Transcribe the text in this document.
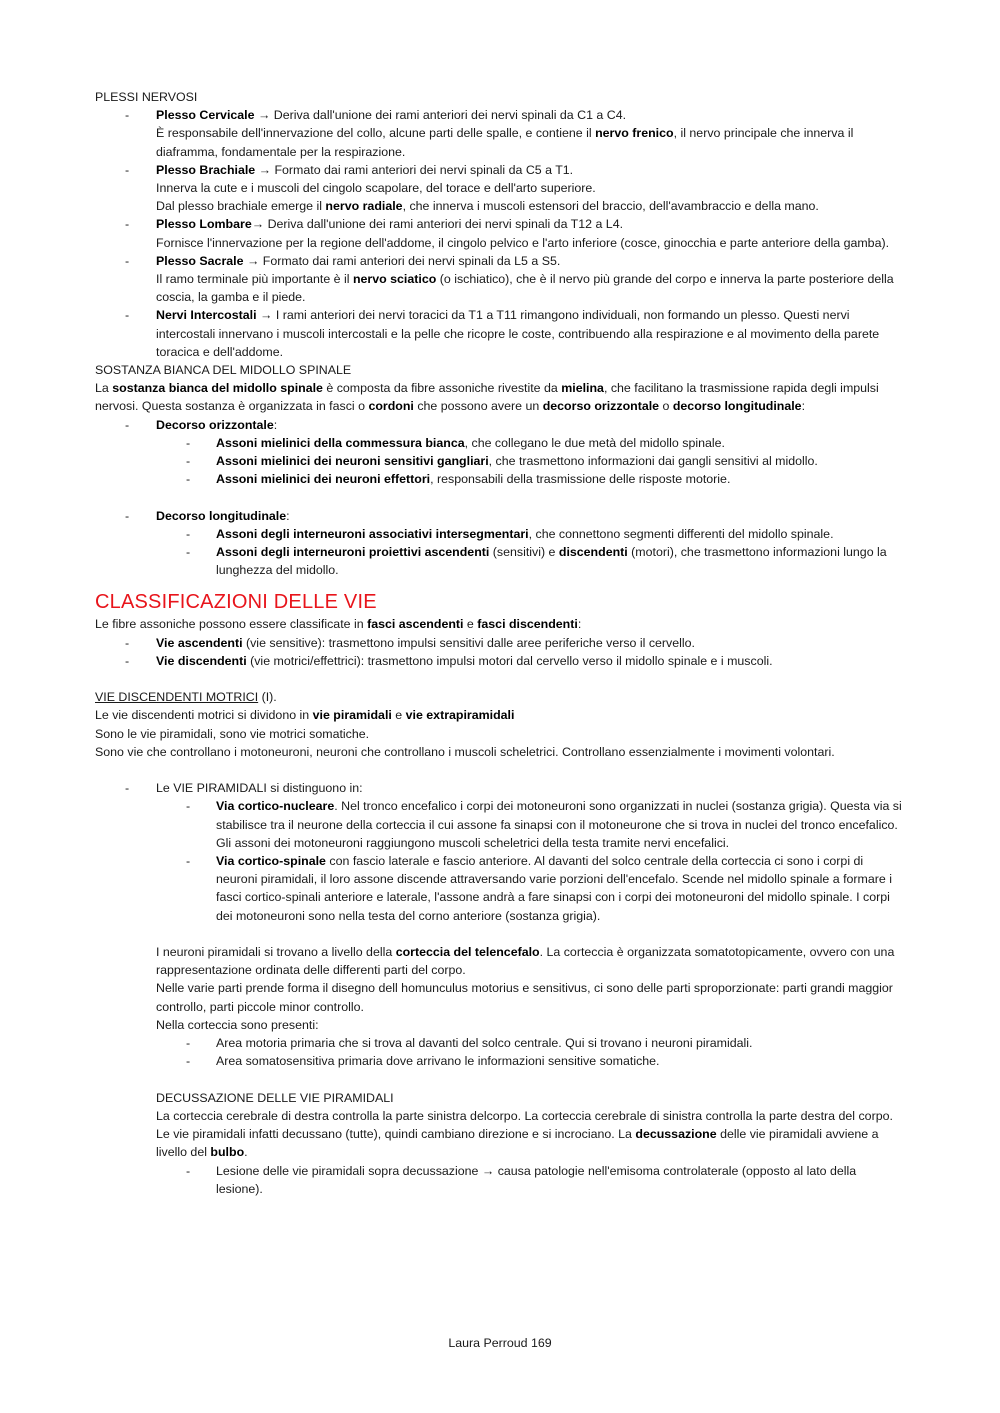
PLESSI NERVOSI

- Plesso Cervicale → Deriva dall'unione dei rami anteriori dei nervi spinali da C1 a C4.
È responsabile dell'innervazione del collo, alcune parti delle spalle, e contiene il nervo frenico, il nervo principale che innerva il diaframma, fondamentale per la respirazione.
- Plesso Brachiale → Formato dai rami anteriori dei nervi spinali da C5 a T1.
Innerva la cute e i muscoli del cingolo scapolare, del torace e dell'arto superiore.
Dal plesso brachiale emerge il nervo radiale, che innerva i muscoli estensori del braccio, dell'avambraccio e della mano.
- Plesso Lombare→ Deriva dall'unione dei rami anteriori dei nervi spinali da T12 a L4.
Fornisce l'innervazione per la regione dell'addome, il cingolo pelvico e l'arto inferiore (cosce, ginocchia e parte anteriore della gamba).
- Plesso Sacrale → Formato dai rami anteriori dei nervi spinali da L5 a S5.
Il ramo terminale più importante è il nervo sciatico (o ischiatico), che è il nervo più grande del corpo e innerva la parte posteriore della coscia, la gamba e il piede.
- Nervi Intercostali → I rami anteriori dei nervi toracici da T1 a T11 rimangono individuali, non formando un plesso. Questi nervi intercostali innervano i muscoli intercostali e la pelle che ricopre le coste, contribuendo alla respirazione e al movimento della parete toracica e dell'addome.

SOSTANZA BIANCA DEL MIDOLLO SPINALE

La sostanza bianca del midollo spinale è composta da fibre assoniche rivestite da mielina, che facilitano la trasmissione rapida degli impulsi nervosi. Questa sostanza è organizzata in fasci o cordoni che possono avere un decorso orizzontale o decorso longitudinale:

- Decorso orizzontale:
- Assoni mielinici della commessura bianca, che collegano le due metà del midollo spinale.
- Assoni mielinici dei neuroni sensitivi gangliari, che trasmettono informazioni dai gangli sensitivi al midollo.
- Assoni mielinici dei neuroni effettori, responsabili della trasmissione delle risposte motorie.
- Decorso longitudinale:
- Assoni degli interneuroni associativi intersegmentari, che connettono segmenti differenti del midollo spinale.
- Assoni degli interneuroni proiettivi ascendenti (sensitivi) e discendenti (motori), che trasmettono informazioni lungo la lunghezza del midollo.

CLASSIFICAZIONI DELLE VIE

Le fibre assoniche possono essere classificate in fasci ascendenti e fasci discendenti:

- Vie ascendenti (vie sensitive): trasmettono impulsi sensitivi dalle aree periferiche verso il cervello.
- Vie discendenti (vie motrici/effettrici): trasmettono impulsi motori dal cervello verso il midollo spinale e i muscoli.

VIE DISCENDENTI MOTRICI (I).

Le vie discendenti motrici si dividono in vie piramidali e vie extrapiramidali

Sono le vie piramidali, sono vie motrici somatiche.

Sono vie che controllano i motoneuroni, neuroni che controllano i muscoli scheletrici. Controllano essenzialmente i movimenti volontari.

- Le VIE PIRAMIDALI si distinguono in:
- Via cortico-nucleare. Nel tronco encefalico i corpi dei motoneuroni sono organizzati in nuclei (sostanza grigia). Questa via si stabilisce tra il neurone della corteccia il cui assone fa sinapsi con il motoneurone che si trova in nuclei del tronco encefalico. Gli assoni dei motoneuroni raggiungono muscoli scheletrici della testa tramite nervi encefalici.
- Via cortico-spinale con fascio laterale e fascio anteriore. Al davanti del solco centrale della corteccia ci sono i corpi di neuroni piramidali, il loro assone discende attraversando varie porzioni dell'encefalo. Scende nel midollo spinale a formare i fasci cortico-spinali anteriore e laterale, l'assone andrà a fare sinapsi con i corpi dei motoneuroni del midollo spinale. I corpi dei motoneuroni sono nella testa del corno anteriore (sostanza grigia).

I neuroni piramidali si trovano a livello della corteccia del telencefalo. La corteccia è organizzata somatotopicamente, ovvero con una rappresentazione ordinata delle differenti parti del corpo.

Nelle varie parti prende forma il disegno dell homunculus motorius e sensitivus, ci sono delle parti sproporzionate: parti grandi maggior controllo, parti piccole minor controllo.

Nella corteccia sono presenti:

- Area motoria primaria che si trova al davanti del solco centrale. Qui si trovano i neuroni piramidali.
- Area somatosensitiva primaria dove arrivano le informazioni sensitive somatiche.

DECUSSAZIONE DELLE VIE PIRAMIDALI

La corteccia cerebrale di destra controlla la parte sinistra delcorpo. La corteccia cerebrale di sinistra controlla la parte destra del corpo. Le vie piramidali infatti decussano (tutte), quindi cambiano direzione e si incrociano. La decussazione delle vie piramidali avviene a livello del bulbo.

- Lesione delle vie piramidali sopra decussazione → causa patologie nell'emisoma controlaterale (opposto al lato della lesione).
Laura Perroud 169
